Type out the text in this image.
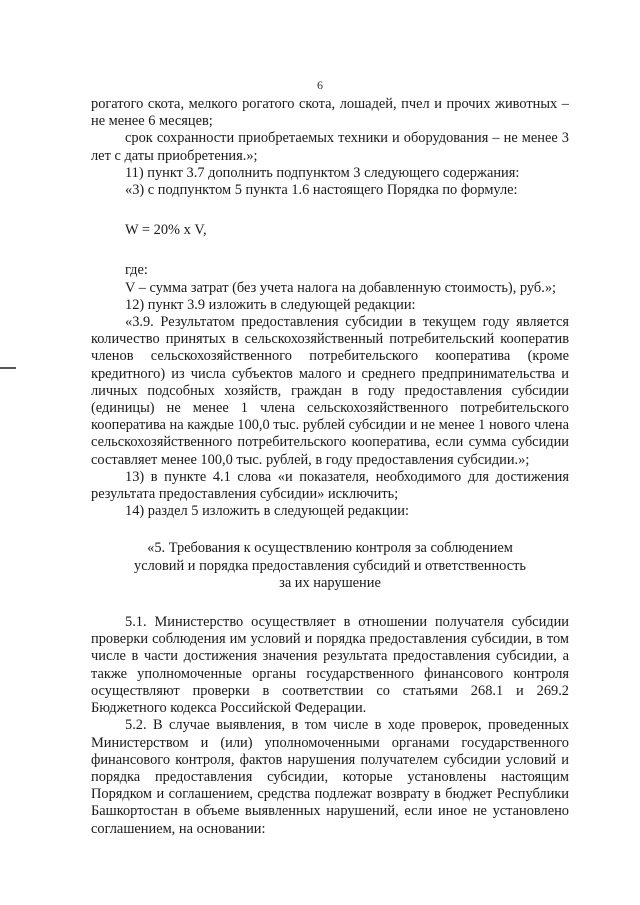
6

рогатого скота, мелкого рогатого скота, лошадей, пчел и прочих животных – не менее 6 месяцев;

срок сохранности приобретаемых техники и оборудования – не менее 3 лет с даты приобретения.»;

11) пункт 3.7 дополнить подпунктом 3 следующего содержания:

«3) с подпунктом 5 пункта 1.6 настоящего Порядка по формуле:

W = 20% х V,

где:

V – сумма затрат (без учета налога на добавленную стоимость), руб.»;

12) пункт 3.9 изложить в следующей редакции:

«3.9. Результатом предоставления субсидии в текущем году является количество принятых в сельскохозяйственный потребительский кооператив членов сельскохозяйственного потребительского кооператива (кроме кредитного) из числа субъектов малого и среднего предпринимательства и личных подсобных хозяйств, граждан в году предоставления субсидии (единицы) не менее 1 члена сельскохозяйственного потребительского кооператива на каждые 100,0 тыс. рублей субсидии и не менее 1 нового члена сельскохозяйственного потребительского кооператива, если сумма субсидии составляет менее 100,0 тыс. рублей, в году предоставления субсидии.»;

13) в пункте 4.1 слова «и показателя, необходимого для достижения результата предоставления субсидии» исключить;

14) раздел 5 изложить в следующей редакции:

«5. Требования к осуществлению контроля за соблюдением
условий и порядка предоставления субсидий и ответственность
за их нарушение

5.1. Министерство осуществляет в отношении получателя субсидии проверки соблюдения им условий и порядка предоставления субсидии, в том числе в части достижения значения результата предоставления субсидии, а также уполномоченные органы государственного финансового контроля осуществляют проверки в соответствии со статьями 268.1 и 269.2 Бюджетного кодекса Российской Федерации.

5.2. В случае выявления, в том числе в ходе проверок, проведенных Министерством и (или) уполномоченными органами государственного финансового контроля, фактов нарушения получателем субсидии условий и порядка предоставления субсидии, которые установлены настоящим Порядком и соглашением, средства подлежат возврату в бюджет Республики Башкортостан в объеме выявленных нарушений, если иное не установлено соглашением, на основании:
